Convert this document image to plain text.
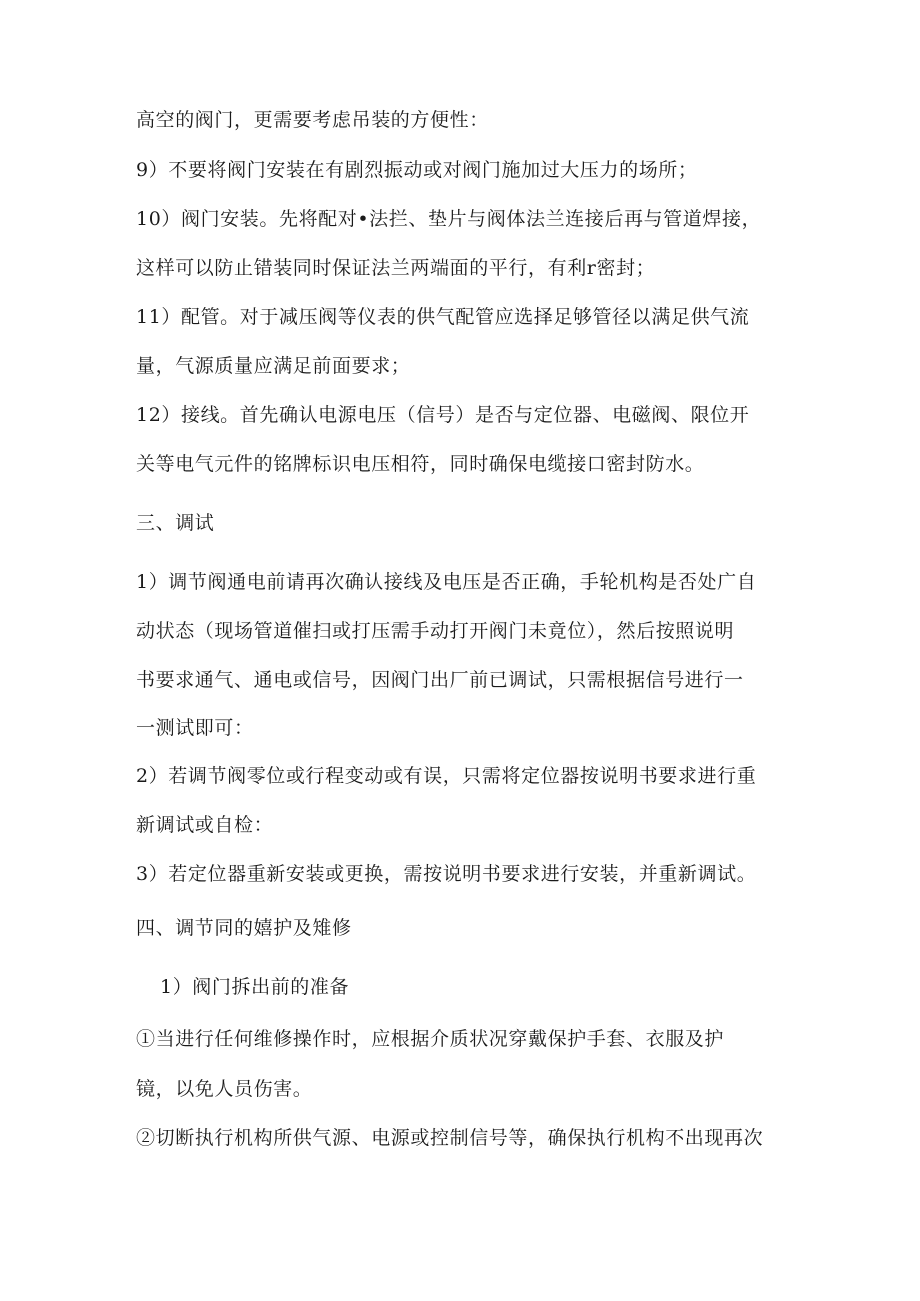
高空的阀门，更需要考虑吊装的方便性：
9）不要将阀门安装在有剧烈振动或对阀门施加过大压力的场所；
10）阀门安装。先将配对•法拦、垫片与阀体法兰连接后再与管道焊接，
这样可以防止错装同时保证法兰两端面的平行，有利r密封；
11）配管。对于减压阀等仪表的供气配管应选择足够管径以满足供气流
量，气源质量应满足前面要求；
12）接线。首先确认电源电压（信号）是否与定位器、电磁阀、限位开
关等电气元件的铭牌标识电压相符，同时确保电缆接口密封防水。
三、调试
1）调节阀通电前请再次确认接线及电压是否正确，手轮机构是否处广自
动状态（现场管道催扫或打压需手动打开阀门未竟位），然后按照说明
书要求通气、通电或信号，因阀门出厂前已调试，只需根据信号进行一
一测试即可：
2）若调节阀零位或行程变动或有误，只需将定位器按说明书要求进行重
新调试或自检：
3）若定位器重新安装或更换，需按说明书要求进行安装，并重新调试。
四、调节同的嬉护及雉修
1）阀门拆出前的准备
①当进行任何维修操作时，应根据介质状况穿戴保护手套、衣服及护
镜，以免人员伤害。
②切断执行机构所供气源、电源或控制信号等，确保执行机构不出现再次
